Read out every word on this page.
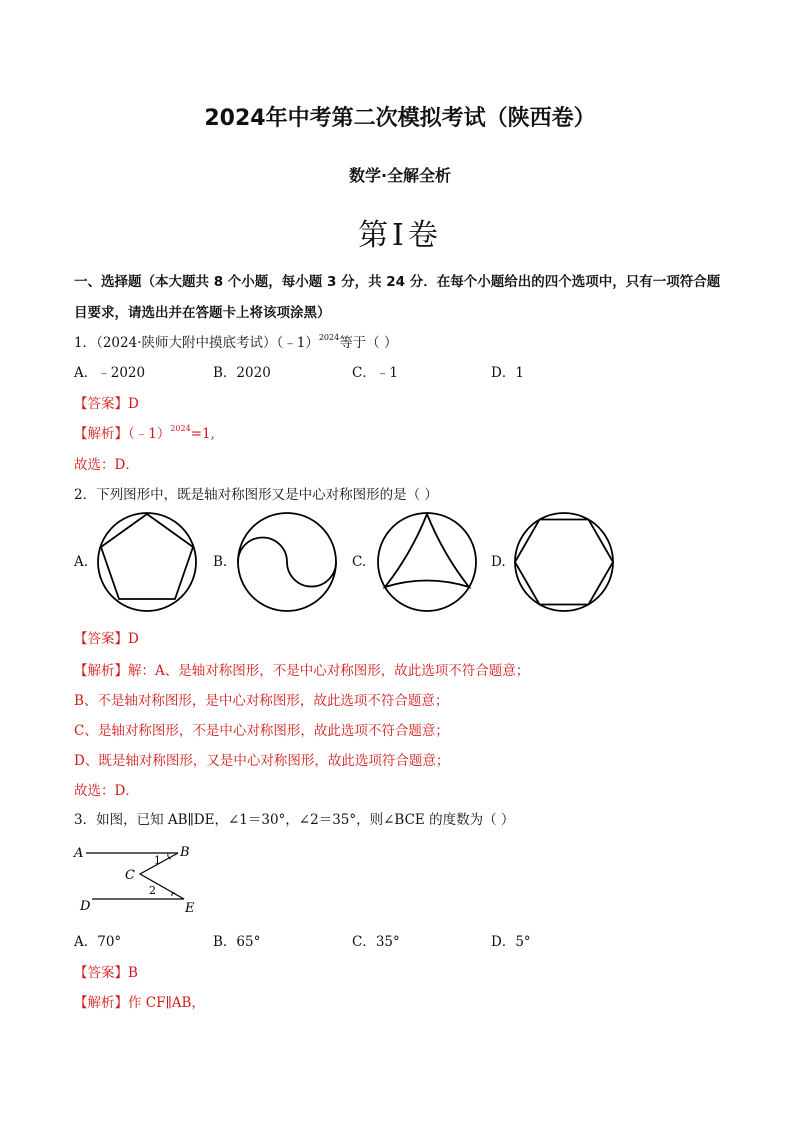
2024年中考第二次模拟考试（陕西卷）
数学·全解全析
第Ⅰ卷
一、选择题（本大题共 8 个小题，每小题 3 分，共 24 分．在每个小题给出的四个选项中，只有一项符合题
目要求，请选出并在答题卡上将该项涂黑）
1．（2024·陕师大附中摸底考试）（﹣1）$^{2024}$等于（ ）
A．﹣2020	B．2020	C．﹣1	D．1
【答案】D
【解析】（﹣1）$^{2024}$=1,
故选：D．
2．下列图形中，既是轴对称图形又是中心对称图形的是（ ）
A.	B.	C.	D.
【答案】D
【解析】解：A、是轴对称图形，不是中心对称图形，故此选项不符合题意；
B、不是轴对称图形，是中心对称图形，故此选项不符合题意；
C、是轴对称图形，不是中心对称图形，故此选项不符合题意；
D、既是轴对称图形，又是中心对称图形，故此选项符合题意；
故选：D．
3．如图，已知 AB∥DE，∠1＝30°，∠2＝35°，则∠BCE 的度数为（ ）
A	B
C
D	E
1
2
A．70°	B．65°	C．35°	D．5°
【答案】B
【解析】作 CF∥AB，
